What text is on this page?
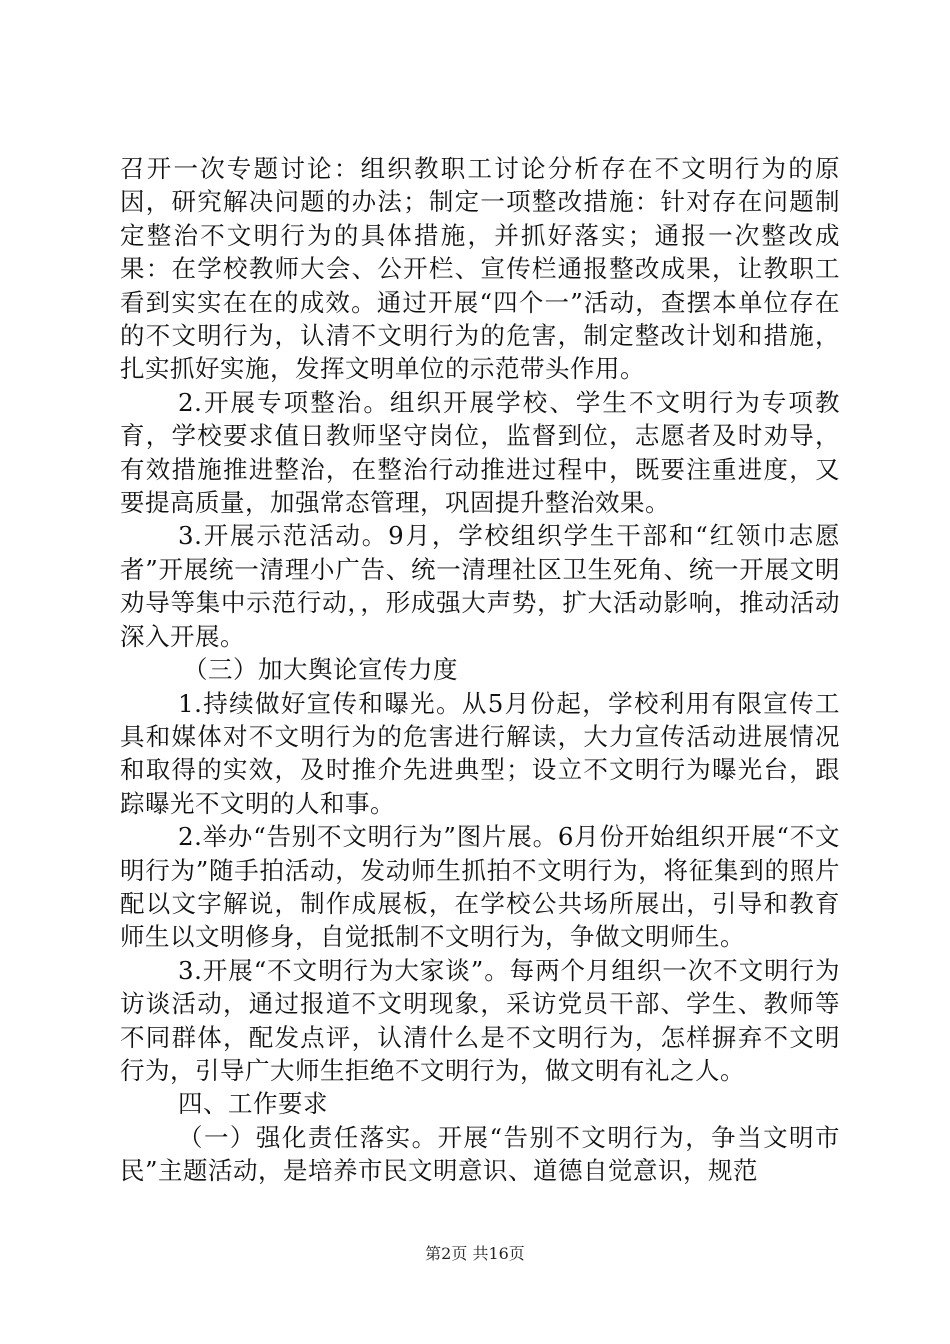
召开一次专题讨论：组织教职工讨论分析存在不文明行为的原因，研究解决问题的办法；制定一项整改措施：针对存在问题制定整治不文明行为的具体措施，并抓好落实；通报一次整改成果：在学校教师大会、公开栏、宣传栏通报整改成果，让教职工看到实实在在的成效。通过开展“四个一”活动，查摆本单位存在的不文明行为，认清不文明行为的危害，制定整改计划和措施，扎实抓好实施，发挥文明单位的示范带头作用。

2.开展专项整治。组织开展学校、学生不文明行为专项教育，学校要求值日教师坚守岗位，监督到位，志愿者及时劝导，有效措施推进整治，在整治行动推进过程中，既要注重进度，又要提高质量，加强常态管理，巩固提升整治效果。

3.开展示范活动。9月，学校组织学生干部和“红领巾志愿者”开展统一清理小广告、统一清理社区卫生死角、统一开展文明劝导等集中示范行动，，形成强大声势，扩大活动影响，推动活动深入开展。

（三）加大舆论宣传力度

1.持续做好宣传和曝光。从5月份起，学校利用有限宣传工具和媒体对不文明行为的危害进行解读，大力宣传活动进展情况和取得的实效，及时推介先进典型；设立不文明行为曝光台，跟踪曝光不文明的人和事。

2.举办“告别不文明行为”图片展。6月份开始组织开展“不文明行为”随手拍活动，发动师生抓拍不文明行为，将征集到的照片配以文字解说，制作成展板，在学校公共场所展出，引导和教育师生以文明修身，自觉抵制不文明行为，争做文明师生。

3.开展“不文明行为大家谈”。每两个月组织一次不文明行为访谈活动，通过报道不文明现象，采访党员干部、学生、教师等不同群体，配发点评，认清什么是不文明行为，怎样摒弃不文明行为，引导广大师生拒绝不文明行为，做文明有礼之人。

四、工作要求

（一）强化责任落实。开展“告别不文明行为，争当文明市民”主题活动，是培养市民文明意识、道德自觉意识，规范

第2页 共16页
